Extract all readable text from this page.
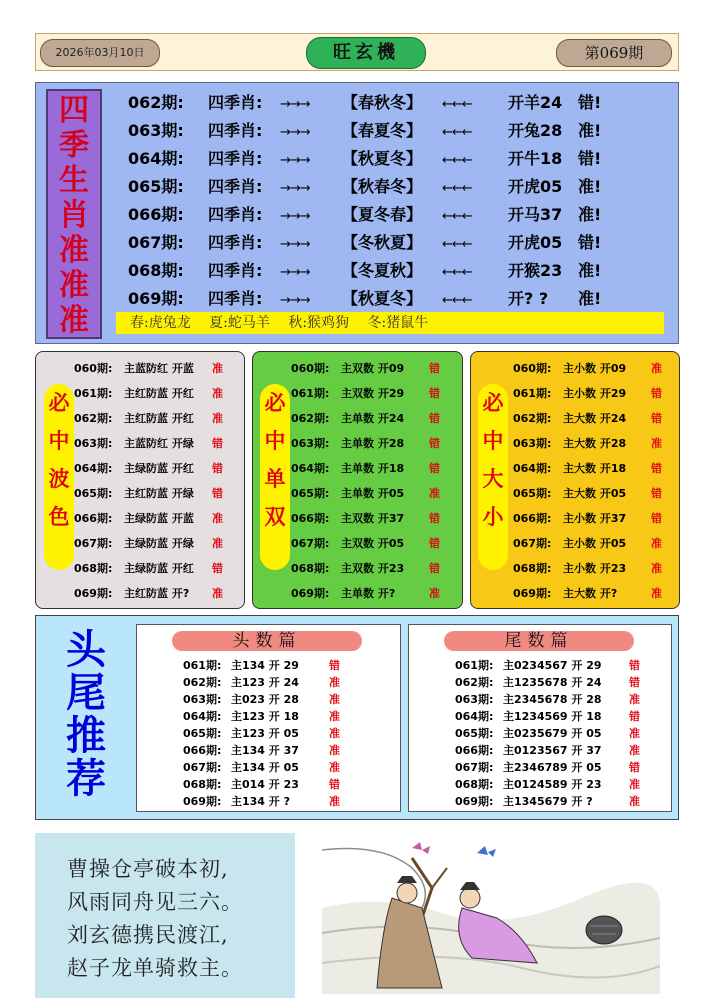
2026年03月10日	旺玄機	第069期
四
季
生
肖
准
准
准	春:虎兔龙 夏:蛇马羊 秋:猴鸡狗 冬:猪鼠牛
062期: 四季肖: →→→ 【春秋冬】 ←←← 开羊24 错!
063期: 四季肖: →→→ 【春夏冬】 ←←← 开兔28 准!
064期: 四季肖: →→→ 【秋夏冬】 ←←← 开牛18 错!
065期: 四季肖: →→→ 【秋春冬】 ←←← 开虎05 准!
066期: 四季肖: →→→ 【夏冬春】 ←←← 开马37 准!
067期: 四季肖: →→→ 【冬秋夏】 ←←← 开虎05 错!
068期: 四季肖: →→→ 【冬夏秋】 ←←← 开猴23 准!
069期: 四季肖: →→→ 【秋夏冬】 ←←← 开? ? 准!
必
中
波
色
060期: 主蓝防红 开蓝 准
061期: 主红防蓝 开红 准
062期: 主红防蓝 开红 准
063期: 主蓝防红 开绿 错
064期: 主绿防蓝 开红 错
065期: 主红防蓝 开绿 错
066期: 主绿防蓝 开蓝 准
067期: 主绿防蓝 开绿 准
068期: 主绿防蓝 开红 错
069期: 主红防蓝 开? 准
必
中
单
双
060期: 主双数 开09 错
061期: 主双数 开29 错
062期: 主单数 开24 错
063期: 主单数 开28 错
064期: 主单数 开18 错
065期: 主单数 开05 准
066期: 主双数 开37 错
067期: 主双数 开05 错
068期: 主双数 开23 错
069期: 主单数 开?	准
必
中
大
小
060期: 主小数 开09 准
061期: 主小数 开29 错
062期: 主大数 开24 错
063期: 主大数 开28 准
064期: 主大数 开18 错
065期: 主大数 开05 错
066期: 主小数 开37 错
067期: 主小数 开05 准
068期: 主小数 开23 准
069期: 主大数 开?	准
头
尾
推
荐
头数篇
061期: 主134 开 29	错
062期: 主123 开 24	准
063期: 主023 开 28	准
064期: 主123 开 18	准
065期: 主123 开 05	准
066期: 主134 开 37	准
067期: 主134 开 05	准
068期: 主014 开 23	错
069期: 主134 开 ?	准
尾数篇
061期: 主0234567 开 29 错
062期: 主1235678 开 24 错
063期: 主2345678 开 28 准
064期: 主1234569 开 18 错
065期: 主0235679 开 05 准
066期: 主0123567 开 37 准
067期: 主2346789 开 05 错
068期: 主0124589 开 23 准
069期: 主1345679 开 ?	准
曹操仓亭破本初,
风雨同舟见三六。
刘玄德携民渡江,
赵子龙单骑救主。
